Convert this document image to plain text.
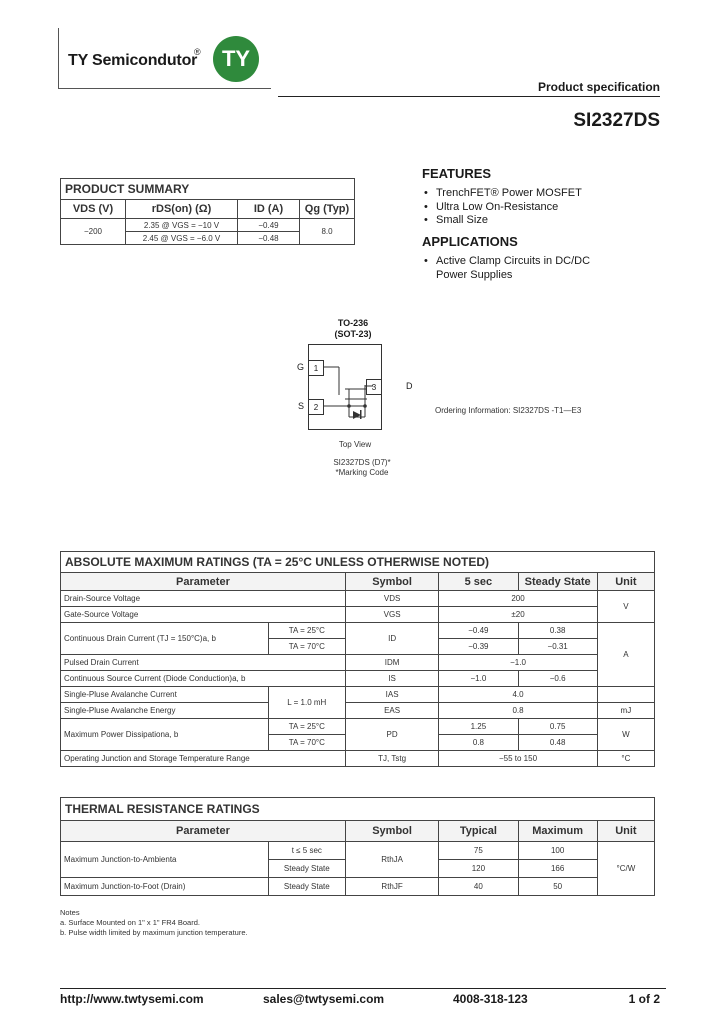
TY Semicondutor
® TY
Product specification
SI2327DS
PRODUCT SUMMARY			
VDS (V)	rDS(on) (Ω)	ID (A)	Qg (Typ)
−200	2.35 @ VGS = −10 V	−0.49	8.0
	2.45 @ VGS = −6.0 V	−0.48	
FEATURES
• TrenchFET® Power MOSFET
• Ultra Low On-Resistance
• Small Size
APPLICATIONS
• Active Clamp Circuits in DC/DC Power Supplies
TO-236
(SOT-23)
1
2
3
G
S
D
Top View
SI2327DS (D7)*
*Marking Code
Ordering Information: SI2327DS -T1—E3
ABSOLUTE MAXIMUM RATINGS (TA = 25°C UNLESS OTHERWISE NOTED)					
Parameter		Symbol	5 sec	Steady State	Unit
Drain-Source Voltage		VDS	200		V
Gate-Source Voltage		VGS	±20		
Continuous Drain Current (TJ = 150°C)a, b	TA = 25°C	ID	−0.49	0.38	A
	TA = 70°C		−0.39	−0.31	
Pulsed Drain Current		IDM	−1.0		
Continuous Source Current (Diode Conduction)a, b		IS	−1.0	−0.6	
Single-Pluse Avalanche Current	L = 1.0 mH	IAS	4.0		
Single-Pluse Avalanche Energy		EAS	0.8		mJ
Maximum Power Dissipationa, b	TA = 25°C	PD	1.25	0.75	W
	TA = 70°C		0.8	0.48	
Operating Junction and Storage Temperature Range		TJ, Tstg	−55 to 150		°C
THERMAL RESISTANCE RATINGS					
Parameter		Symbol	Typical	Maximum	Unit
Maximum Junction-to-Ambienta	t ≤ 5 sec	RthJA	75	100	°C/W
	Steady State		120	166	
Maximum Junction-to-Foot (Drain)	Steady State	RthJF	40	50	
Notes
a. Surface Mounted on 1" x 1" FR4 Board.
b. Pulse width limited by maximum junction temperature.
http://www.twtysemi.com	sales@twtysemi.com	4008-318-123	1 of 2
